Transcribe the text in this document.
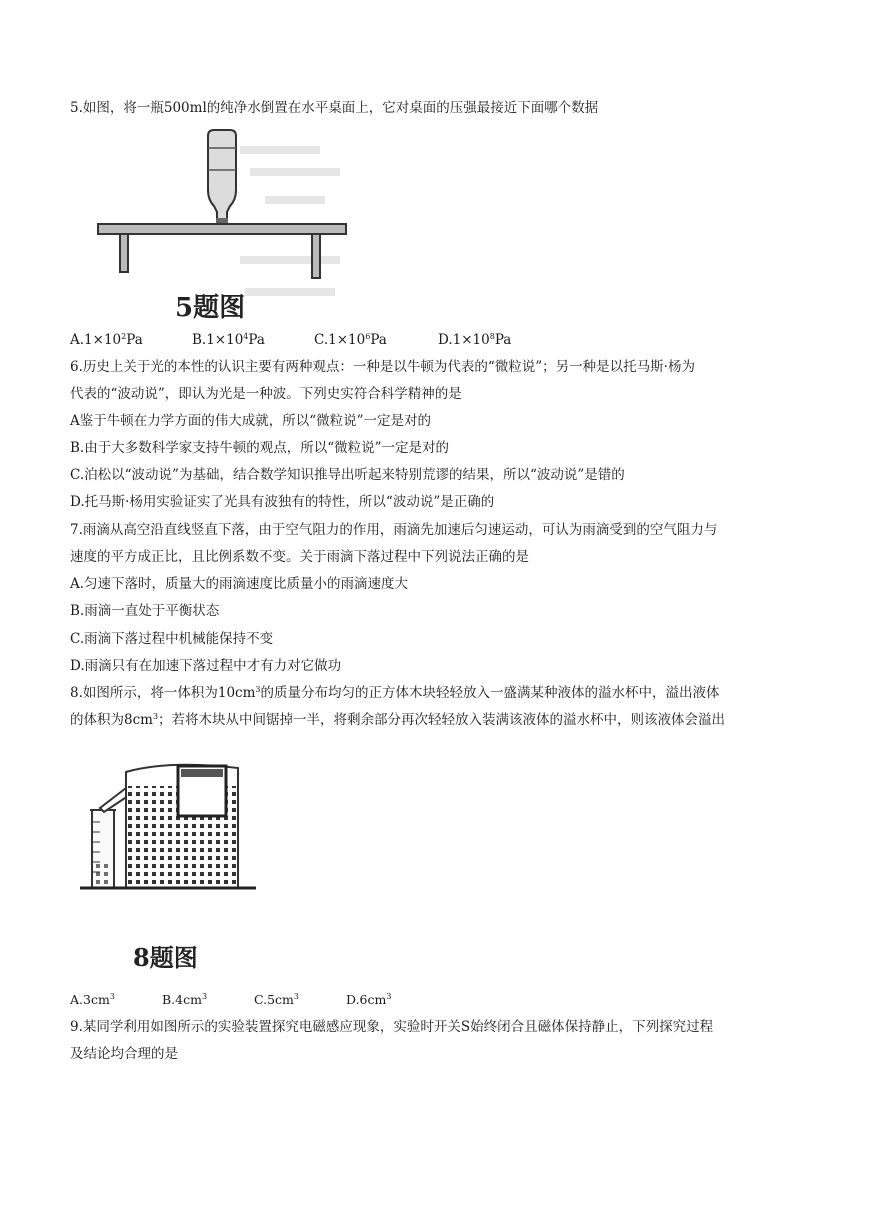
5.如图，将一瓶500ml的纯净水倒置在水平桌面上，它对桌面的压强最接近下面哪个数据
5题图
$A.1\times 10^2Pa$	$B.1\times 10^4Pa$	$C.1\times 10^6Pa$	$D.1\times 10^8Pa$
6.历史上关于光的本性的认识主要有两种观点：一种是以牛顿为代表的“微粒说”；另一种是以托马斯·杨为
代表的“波动说”，即认为光是一种波。下列史实符合科学精神的是
A鉴于牛顿在力学方面的伟大成就，所以“微粒说”一定是对的
B.由于大多数科学家支持牛顿的观点，所以“微粒说”一定是对的
C.泊松以“波动说”为基础，结合数学知识推导出听起来特别荒谬的结果，所以“波动说”是错的
D.托马斯·杨用实验证实了光具有波独有的特性，所以“波动说”是正确的
7.雨滴从高空沿直线竖直下落，由于空气阻力的作用，雨滴先加速后匀速运动，可认为雨滴受到的空气阻力与
速度的平方成正比，且比例系数不变。关于雨滴下落过程中下列说法正确的是
A.匀速下落时，质量大的雨滴速度比质量小的雨滴速度大
B.雨滴一直处于平衡状态
C.雨滴下落过程中机械能保持不变
D.雨滴只有在加速下落过程中才有力对它做功
8.如图所示，将一体积为$10cm^3$的质量分布均匀的正方体木块轻轻放入一盛满某种液体的溢水杯中，溢出液体
的体积为$8cm^3$；若将木块从中间锯掉一半，将剩余部分再次轻轻放入装满该液体的溢水杯中，则该液体会溢出
8题图
$A.3cm^3$	$B.4cm^3$	$C.5cm^3$	$D.6cm^3$
9.某同学利用如图所示的实验装置探究电磁感应现象，实验时开关S始终闭合且磁体保持静止，下列探究过程
及结论均合理的是
